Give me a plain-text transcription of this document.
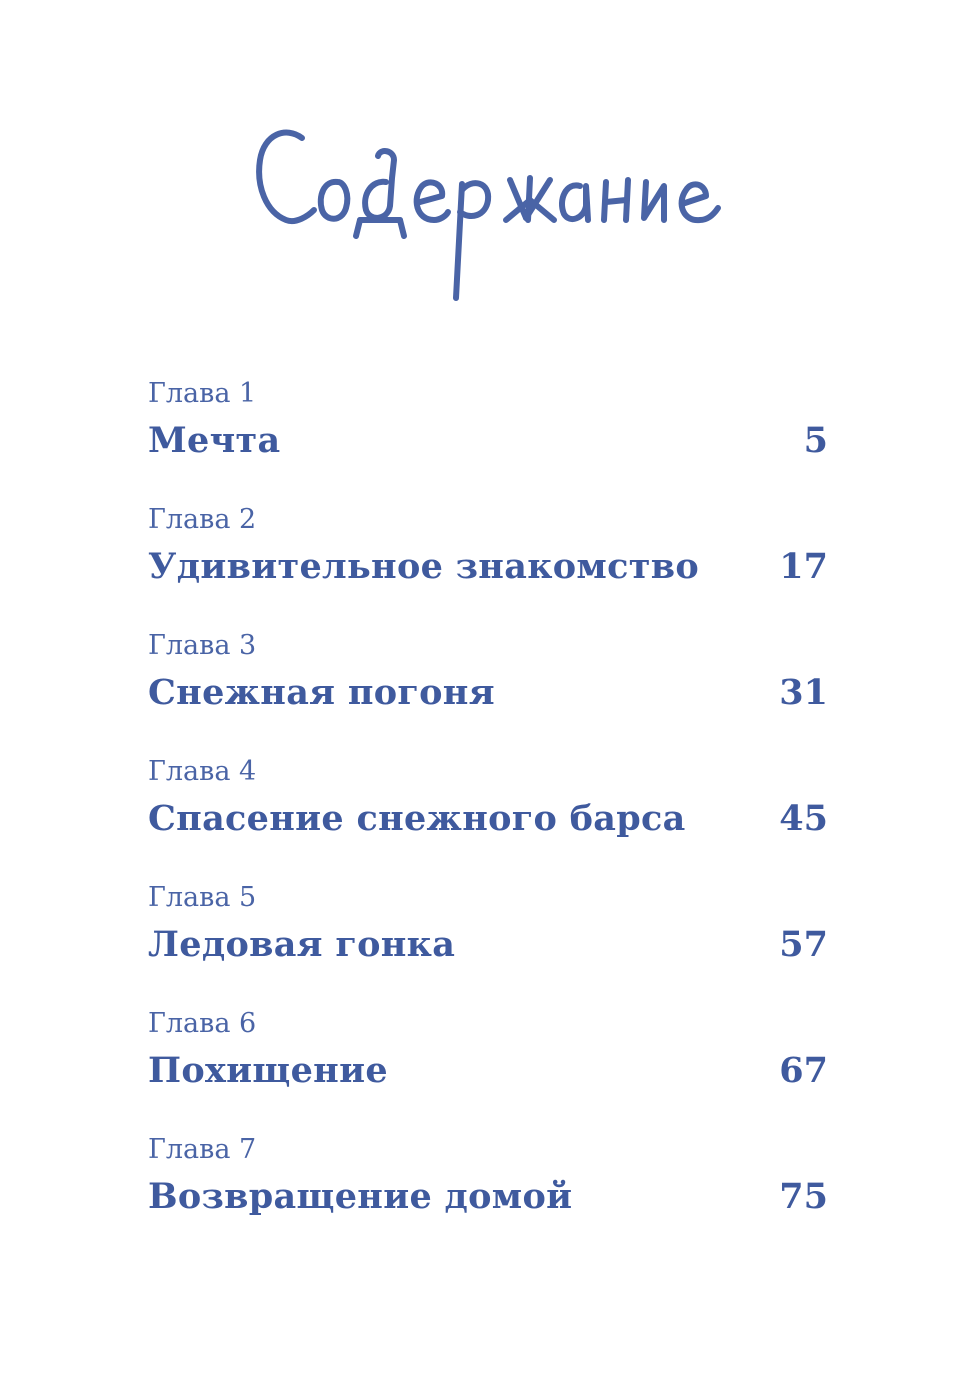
Глава 1
Мечта	5
Глава 2
Удивительное знакомство 17
Глава 3
Снежная погоня	31
Глава 4
Спасение снежного барса	45
Глава 5
Ледовая гонка	57
Глава 6
Похищение	67
Глава 7
Возвращение домой	75
